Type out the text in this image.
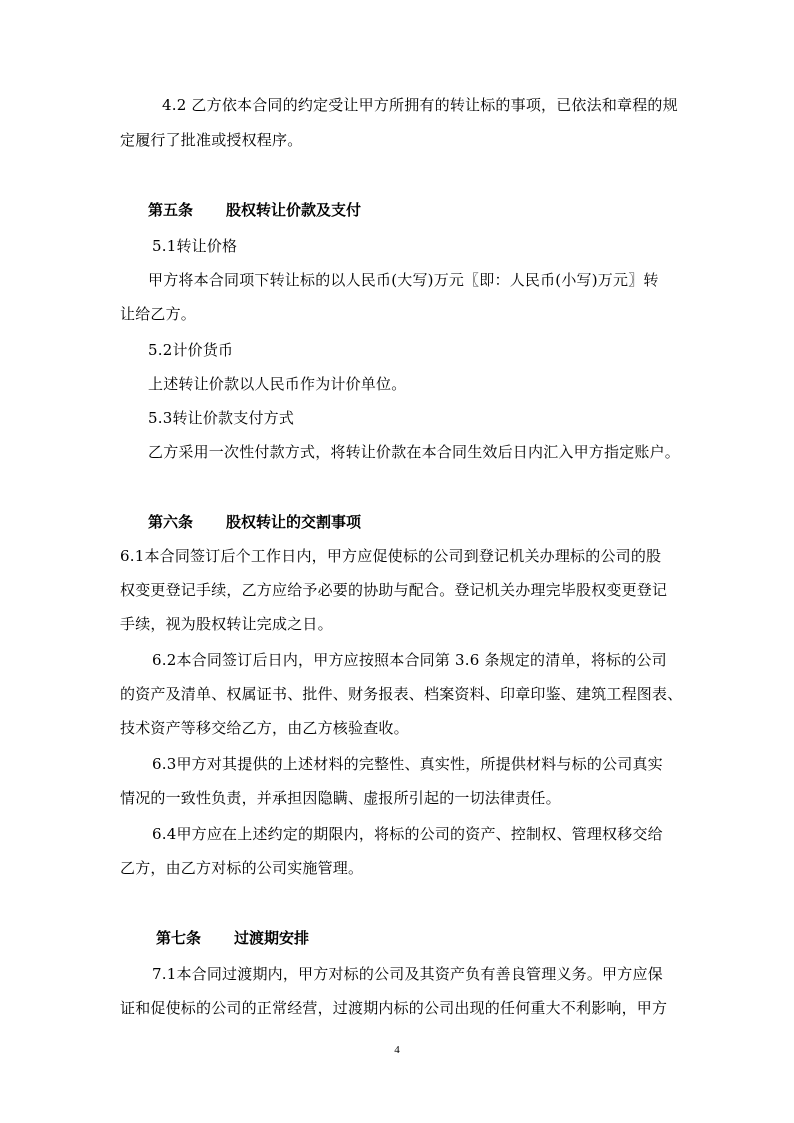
4.2 乙方依本合同的约定受让甲方所拥有的转让标的事项，已依法和章程的规
定履行了批准或授权程序。
第五条 股权转让价款及支付
5.1转让价格
甲方将本合同项下转让标的以人民币(大写)万元〖即：人民币(小写)万元〗转
让给乙方。
5.2计价货币
上述转让价款以人民币作为计价单位。
5.3转让价款支付方式
乙方采用一次性付款方式，将转让价款在本合同生效后日内汇入甲方指定账户。
第六条 股权转让的交割事项
6.1本合同签订后个工作日内，甲方应促使标的公司到登记机关办理标的公司的股
权变更登记手续，乙方应给予必要的协助与配合。登记机关办理完毕股权变更登记
手续，视为股权转让完成之日。
6.2本合同签订后日内，甲方应按照本合同第 3.6 条规定的清单，将标的公司
的资产及清单、权属证书、批件、财务报表、档案资料、印章印鉴、建筑工程图表、
技术资产等移交给乙方，由乙方核验查收。
6.3甲方对其提供的上述材料的完整性、真实性，所提供材料与标的公司真实
情况的一致性负责，并承担因隐瞒、虚报所引起的一切法律责任。
6.4甲方应在上述约定的期限内，将标的公司的资产、控制权、管理权移交给
乙方，由乙方对标的公司实施管理。
第七条 过渡期安排
7.1本合同过渡期内，甲方对标的公司及其资产负有善良管理义务。甲方应保
证和促使标的公司的正常经营，过渡期内标的公司出现的任何重大不利影响，甲方
4
